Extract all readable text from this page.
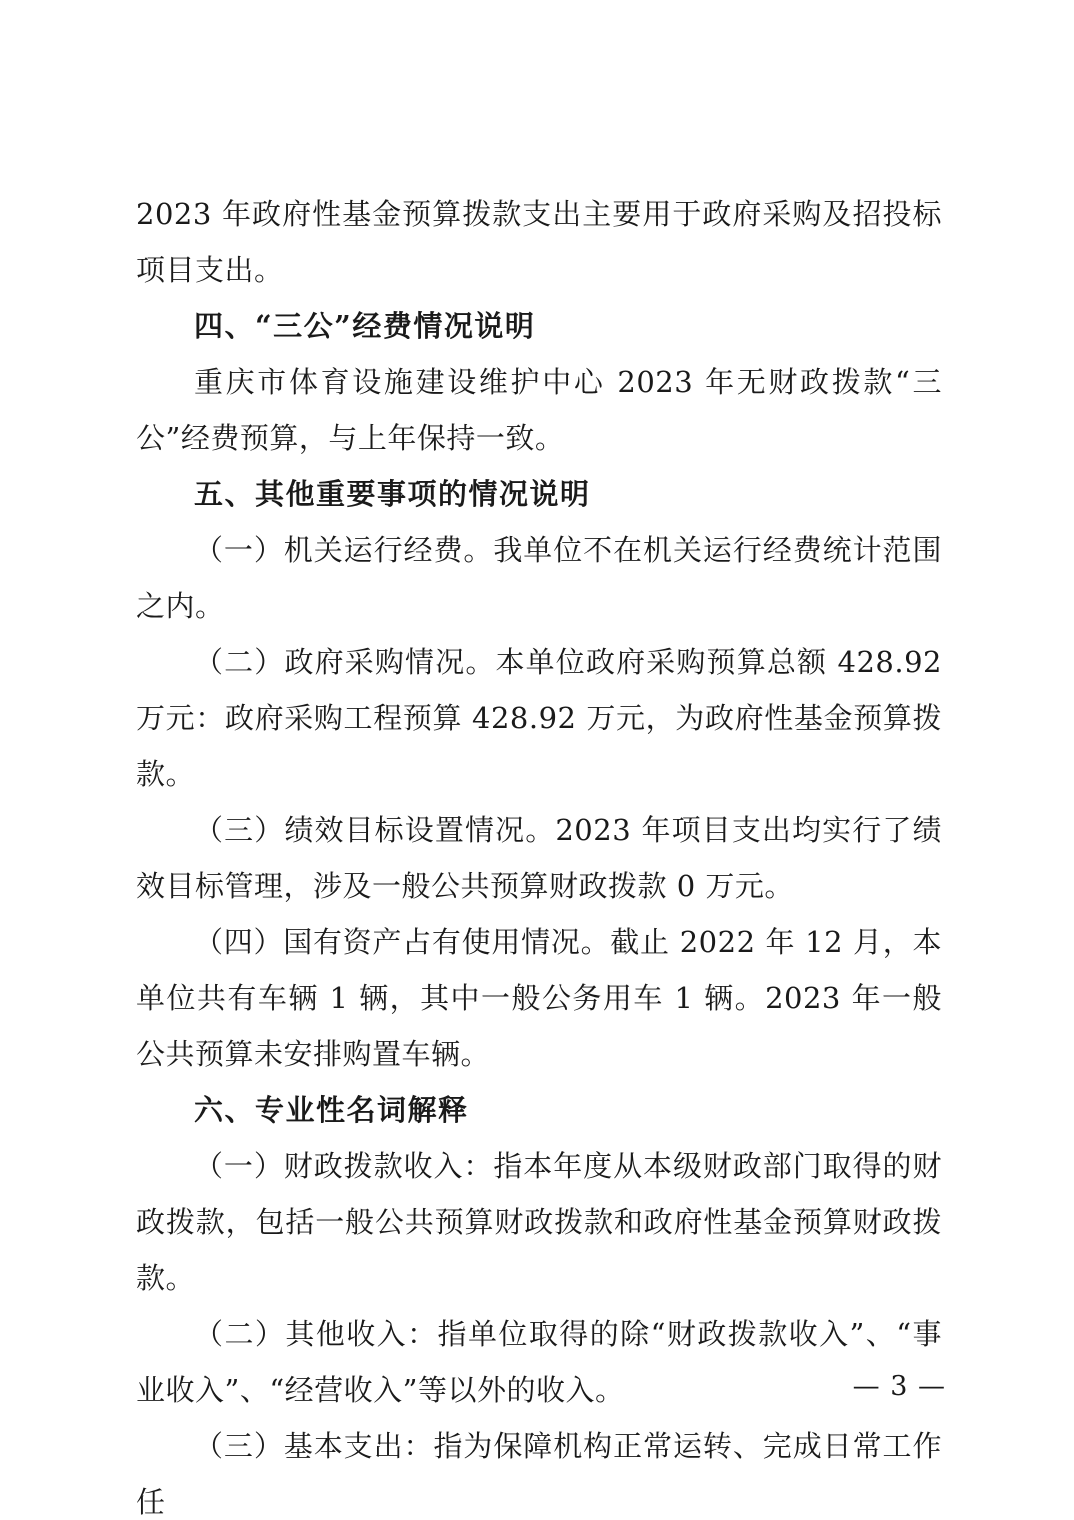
2023 年政府性基金预算拨款支出主要用于政府采购及招投标项目支出。

四、“三公”经费情况说明

重庆市体育设施建设维护中心 2023 年无财政拨款“三公”经费预算，与上年保持一致。

五、其他重要事项的情况说明

（一）机关运行经费。我单位不在机关运行经费统计范围之内。

（二）政府采购情况。本单位政府采购预算总额 428.92 万元：政府采购工程预算 428.92 万元，为政府性基金预算拨款。

（三）绩效目标设置情况。2023 年项目支出均实行了绩效目标管理，涉及一般公共预算财政拨款 0 万元。

（四）国有资产占有使用情况。截止 2022 年 12 月，本单位共有车辆 1 辆，其中一般公务用车 1 辆。2023 年一般公共预算未安排购置车辆。

六、专业性名词解释

（一）财政拨款收入：指本年度从本级财政部门取得的财政拨款，包括一般公共预算财政拨款和政府性基金预算财政拨款。

（二）其他收入：指单位取得的除“财政拨款收入”、“事业收入”、“经营收入”等以外的收入。

（三）基本支出：指为保障机构正常运转、完成日常工作任

— 3 —
